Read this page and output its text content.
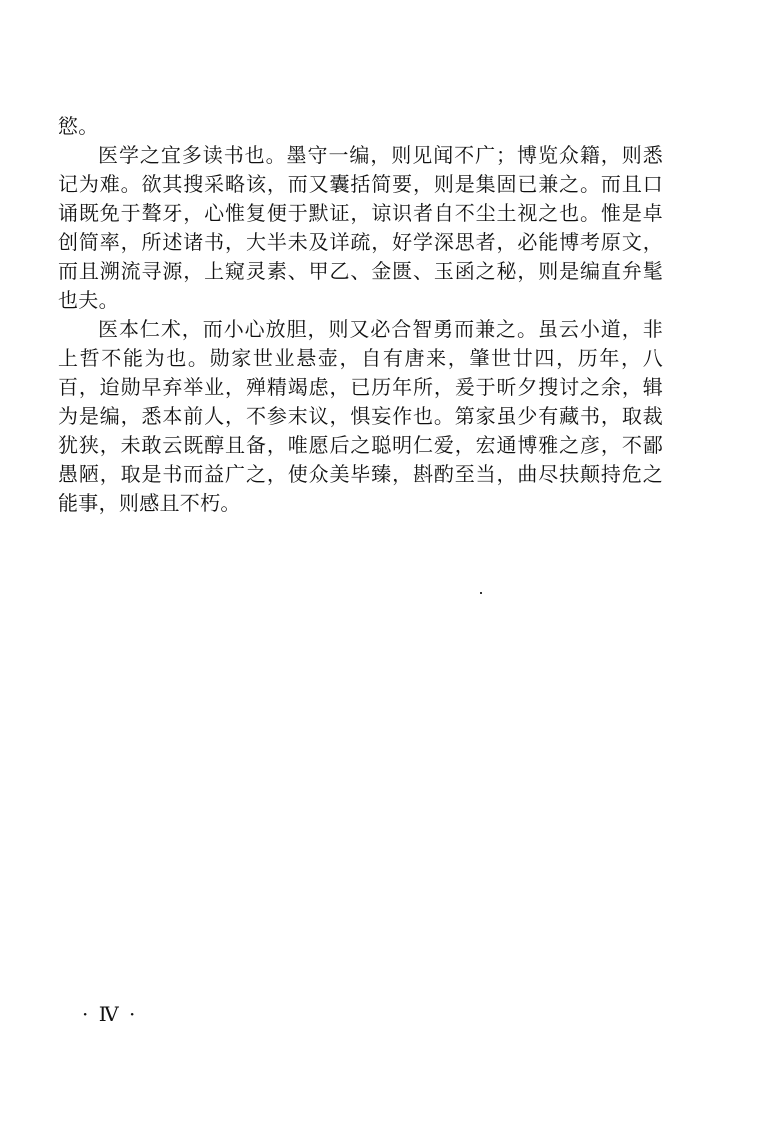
慾。

医学之宜多读书也。墨守一编，则见闻不广；博览众籍，则悉记为难。欲其搜采略该，而又囊括简要，则是集固已兼之。而且口诵既免于聱牙，心惟复便于默证，谅识者自不尘土视之也。惟是卓创简率，所述诸书，大半未及详疏，好学深思者，必能博考原文，而且溯流寻源，上窥灵素、甲乙、金匮、玉函之秘，则是编直弁髦也夫。

医本仁术，而小心放胆，则又必合智勇而兼之。虽云小道，非上哲不能为也。勋家世业悬壶，自有唐来，肇世廿四，历年，八百，迨勋早弃举业，殚精竭虑，已历年所，爰于昕夕搜讨之余，辑为是编，悉本前人，不参末议，惧妄作也。第家虽少有藏书，取裁犹狭，未敢云既醇且备，唯愿后之聪明仁爱，宏通博雅之彦，不鄙愚陋，取是书而益广之，使众美毕臻，斟酌至当，曲尽扶颠持危之能事，则感且不朽。

· Ⅳ ·
